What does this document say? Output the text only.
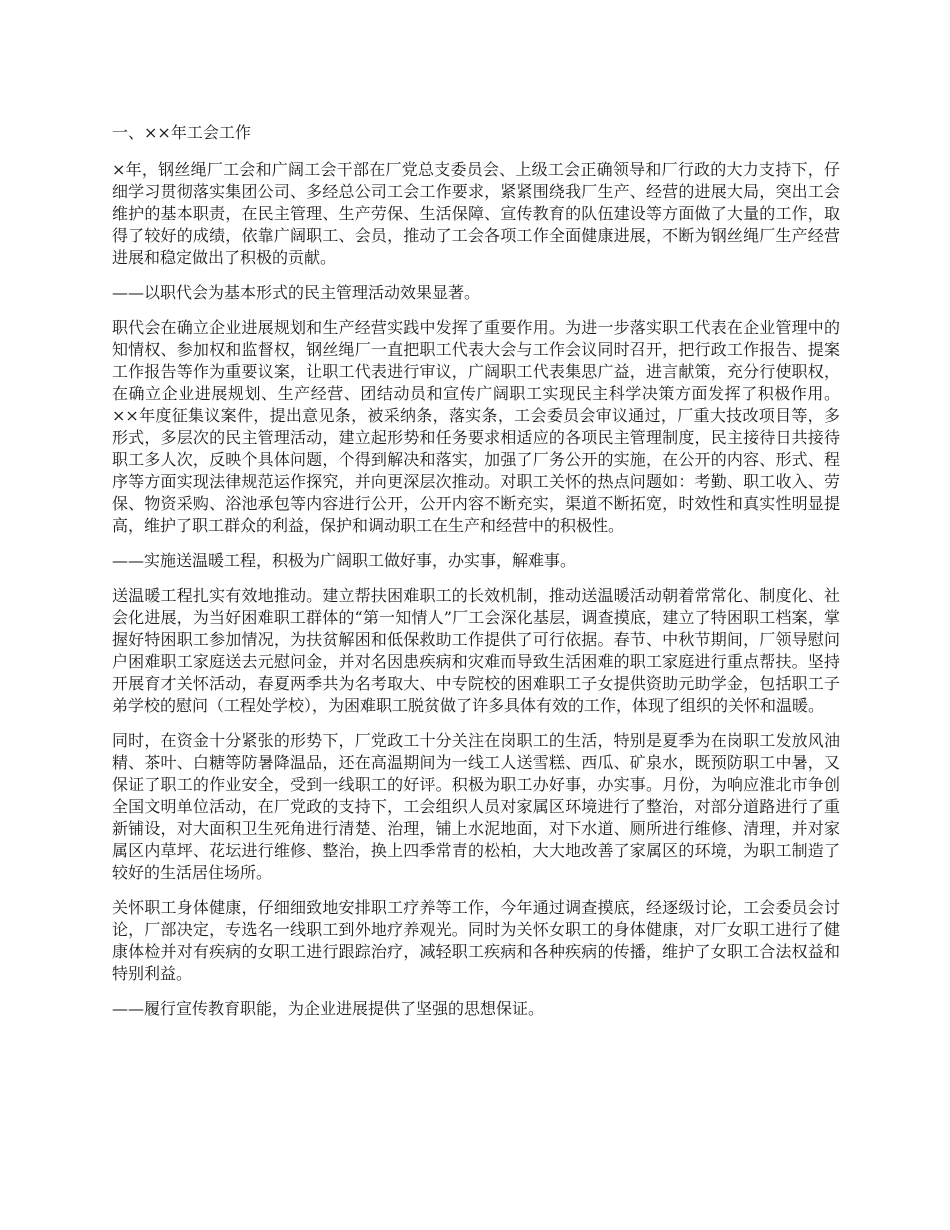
一、××年工会工作

×年，钢丝绳厂工会和广阔工会干部在厂党总支委员会、上级工会正确领导和厂行政的大力支持下，仔细学习贯彻落实集团公司、多经总公司工会工作要求，紧紧围绕我厂生产、经营的进展大局，突出工会维护的基本职责，在民主管理、生产劳保、生活保障、宣传教育的队伍建设等方面做了大量的工作，取得了较好的成绩，依靠广阔职工、会员，推动了工会各项工作全面健康进展，不断为钢丝绳厂生产经营进展和稳定做出了积极的贡献。

——以职代会为基本形式的民主管理活动效果显著。

职代会在确立企业进展规划和生产经营实践中发挥了重要作用。为进一步落实职工代表在企业管理中的知情权、参加权和监督权，钢丝绳厂一直把职工代表大会与工作会议同时召开，把行政工作报告、提案工作报告等作为重要议案，让职工代表进行审议，广阔职工代表集思广益，进言献策，充分行使职权，在确立企业进展规划、生产经营、团结动员和宣传广阔职工实现民主科学决策方面发挥了积极作用。××年度征集议案件，提出意见条，被采纳条，落实条，工会委员会审议通过，厂重大技改项目等，多形式，多层次的民主管理活动，建立起形势和任务要求相适应的各项民主管理制度，民主接待日共接待职工多人次，反映个具体问题，个得到解决和落实，加强了厂务公开的实施，在公开的内容、形式、程序等方面实现法律规范运作探究，并向更深层次推动。对职工关怀的热点问题如：考勤、职工收入、劳保、物资采购、浴池承包等内容进行公开，公开内容不断充实，渠道不断拓宽，时效性和真实性明显提高，维护了职工群众的利益，保护和调动职工在生产和经营中的积极性。

——实施送温暖工程，积极为广阔职工做好事，办实事，解难事。

送温暖工程扎实有效地推动。建立帮扶困难职工的长效机制，推动送温暖活动朝着常常化、制度化、社会化进展，为当好困难职工群体的“第一知情人”厂工会深化基层，调查摸底，建立了特困职工档案，掌握好特困职工参加情况，为扶贫解困和低保救助工作提供了可行依据。春节、中秋节期间，厂领导慰问户困难职工家庭送去元慰问金，并对名因患疾病和灾难而导致生活困难的职工家庭进行重点帮扶。坚持开展育才关怀活动，春夏两季共为名考取大、中专院校的困难职工子女提供资助元助学金，包括职工子弟学校的慰问（工程处学校），为困难职工脱贫做了许多具体有效的工作，体现了组织的关怀和温暖。

同时，在资金十分紧张的形势下，厂党政工十分关注在岗职工的生活，特别是夏季为在岗职工发放风油精、茶叶、白糖等防暑降温品，还在高温期间为一线工人送雪糕、西瓜、矿泉水，既预防职工中暑，又保证了职工的作业安全，受到一线职工的好评。积极为职工办好事，办实事。月份，为响应淮北市争创全国文明单位活动，在厂党政的支持下，工会组织人员对家属区环境进行了整治，对部分道路进行了重新铺设，对大面积卫生死角进行清楚、治理，铺上水泥地面，对下水道、厕所进行维修、清理，并对家属区内草坪、花坛进行维修、整治，换上四季常青的松柏，大大地改善了家属区的环境，为职工制造了较好的生活居住场所。

关怀职工身体健康，仔细细致地安排职工疗养等工作，今年通过调查摸底，经逐级讨论，工会委员会讨论，厂部决定，专选名一线职工到外地疗养观光。同时为关怀女职工的身体健康，对厂女职工进行了健康体检并对有疾病的女职工进行跟踪治疗，减轻职工疾病和各种疾病的传播，维护了女职工合法权益和特别利益。

——履行宣传教育职能，为企业进展提供了坚强的思想保证。
